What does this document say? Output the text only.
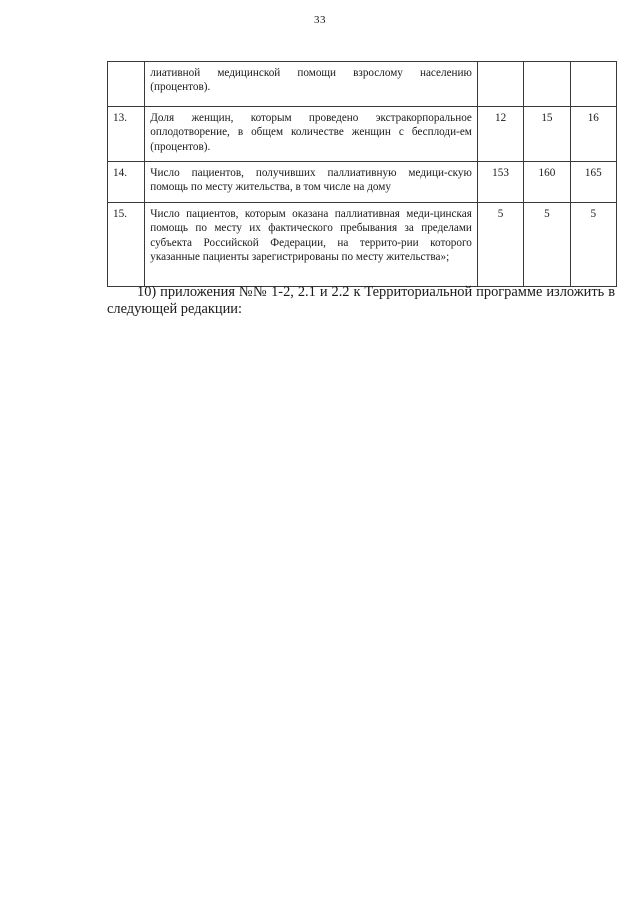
33
	лиативной медицинской помощи взрослому населению (процентов).			
13.	Доля женщин, которым проведено экстракорпоральное оплодотворение, в общем количестве женщин с бесплоди-ем (процентов).	12	15	16
14.	Число пациентов, получивших паллиативную медици-скую помощь по месту жительства, в том числе на дому	153	160	165
15.	Число пациентов, которым оказана паллиативная меди-цинская помощь по месту их фактического пребывания за пределами субъекта Российской Федерации, на террито-рии которого указанные пациенты зарегистрированы по месту жительства»;	5	5	5

10) приложения №№ 1-2, 2.1 и 2.2 к Территориальной программе изложить в следующей редакции:
